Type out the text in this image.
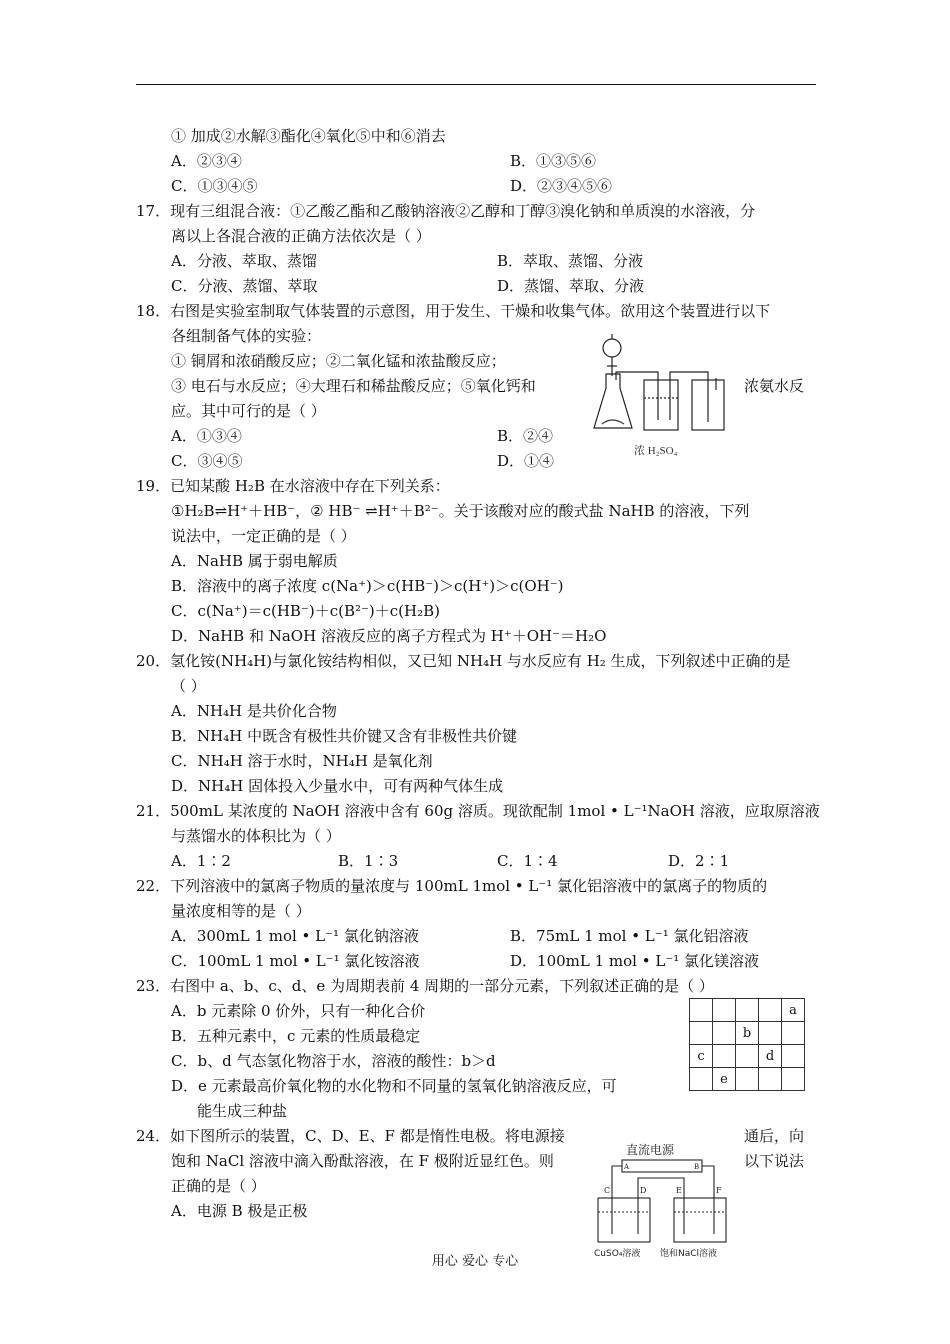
① 加成②水解③酯化④氧化⑤中和⑥消去
A．②③④	B．①③⑤⑥
C．①③④⑤	D．②③④⑤⑥
17．现有三组混合液：①乙酸乙酯和乙酸钠溶液②乙醇和丁醇③溴化钠和单质溴的水溶液，分
离以上各混合液的正确方法依次是（ ）
A．分液、萃取、蒸馏	B．萃取、蒸馏、分液
C．分液、蒸馏、萃取	D．蒸馏、萃取、分液
18．右图是实验室制取气体装置的示意图，用于发生、干燥和收集气体。欲用这个装置进行以下
各组制备气体的实验：
① 铜屑和浓硝酸反应；②二氧化锰和浓盐酸反应；
③ 电石与水反应；④大理石和稀盐酸反应；⑤氧化钙和	浓氨水反
应。其中可行的是（ ）
A．①③④	B．②④
C．③④⑤	D．①④
浓 H₂SO₄
19．已知某酸 H₂B 在水溶液中存在下列关系：
①H₂B⇌H⁺＋HB⁻，② HB⁻ ⇌H⁺＋B²⁻。关于该酸对应的酸式盐 NaHB 的溶液，下列
说法中，一定正确的是（ ）
A．NaHB 属于弱电解质
B．溶液中的离子浓度 c(Na⁺)＞c(HB⁻)＞c(H⁺)＞c(OH⁻)
C．c(Na⁺)＝c(HB⁻)＋c(B²⁻)＋c(H₂B)
D．NaHB 和 NaOH 溶液反应的离子方程式为 H⁺＋OH⁻＝H₂O
20．氢化铵(NH₄H)与氯化铵结构相似，又已知 NH₄H 与水反应有 H₂ 生成，下列叙述中正确的是
（ ）
A．NH₄H 是共价化合物
B．NH₄H 中既含有极性共价键又含有非极性共价键
C．NH₄H 溶于水时，NH₄H 是氧化剂
D．NH₄H 固体投入少量水中，可有两种气体生成
21．500mL 某浓度的 NaOH 溶液中含有 60g 溶质。现欲配制 1mol • L⁻¹NaOH 溶液，应取原溶液
与蒸馏水的体积比为（ ）
A．1∶2	B．1∶3	C．1∶4	D．2∶1
22．下列溶液中的氯离子物质的量浓度与 100mL 1mol • L⁻¹ 氯化铝溶液中的氯离子的物质的
量浓度相等的是（ ）
A．300mL 1 mol • L⁻¹ 氯化钠溶液	B．75mL 1 mol • L⁻¹ 氯化铝溶液
C．100mL 1 mol • L⁻¹ 氯化铵溶液	D．100mL 1 mol • L⁻¹ 氯化镁溶液
23．右图中 a、b、c、d、e 为周期表前 4 周期的一部分元素，下列叙述正确的是（ ）
A．b 元素除 0 价外，只有一种化合价
B．五种元素中，c 元素的性质最稳定
C．b、d 气态氢化物溶于水，溶液的酸性：b＞d
D．e 元素最高价氧化物的水化物和不同量的氢氧化钠溶液反应，可
能生成三种盐
				a
		b		
c			d	
	e			
24．如下图所示的装置，C、D、E、F 都是惰性电极。将电源接	通后，向
饱和 NaCl 溶液中滴入酚酞溶液，在 F 极附近显红色。则	以下说法
正确的是（ ）
A．电源 B 极是正极
直流电源
C	D	E	F
A	B
CuSO₄溶液 饱和NaCl溶液
用心 爱心 专心
